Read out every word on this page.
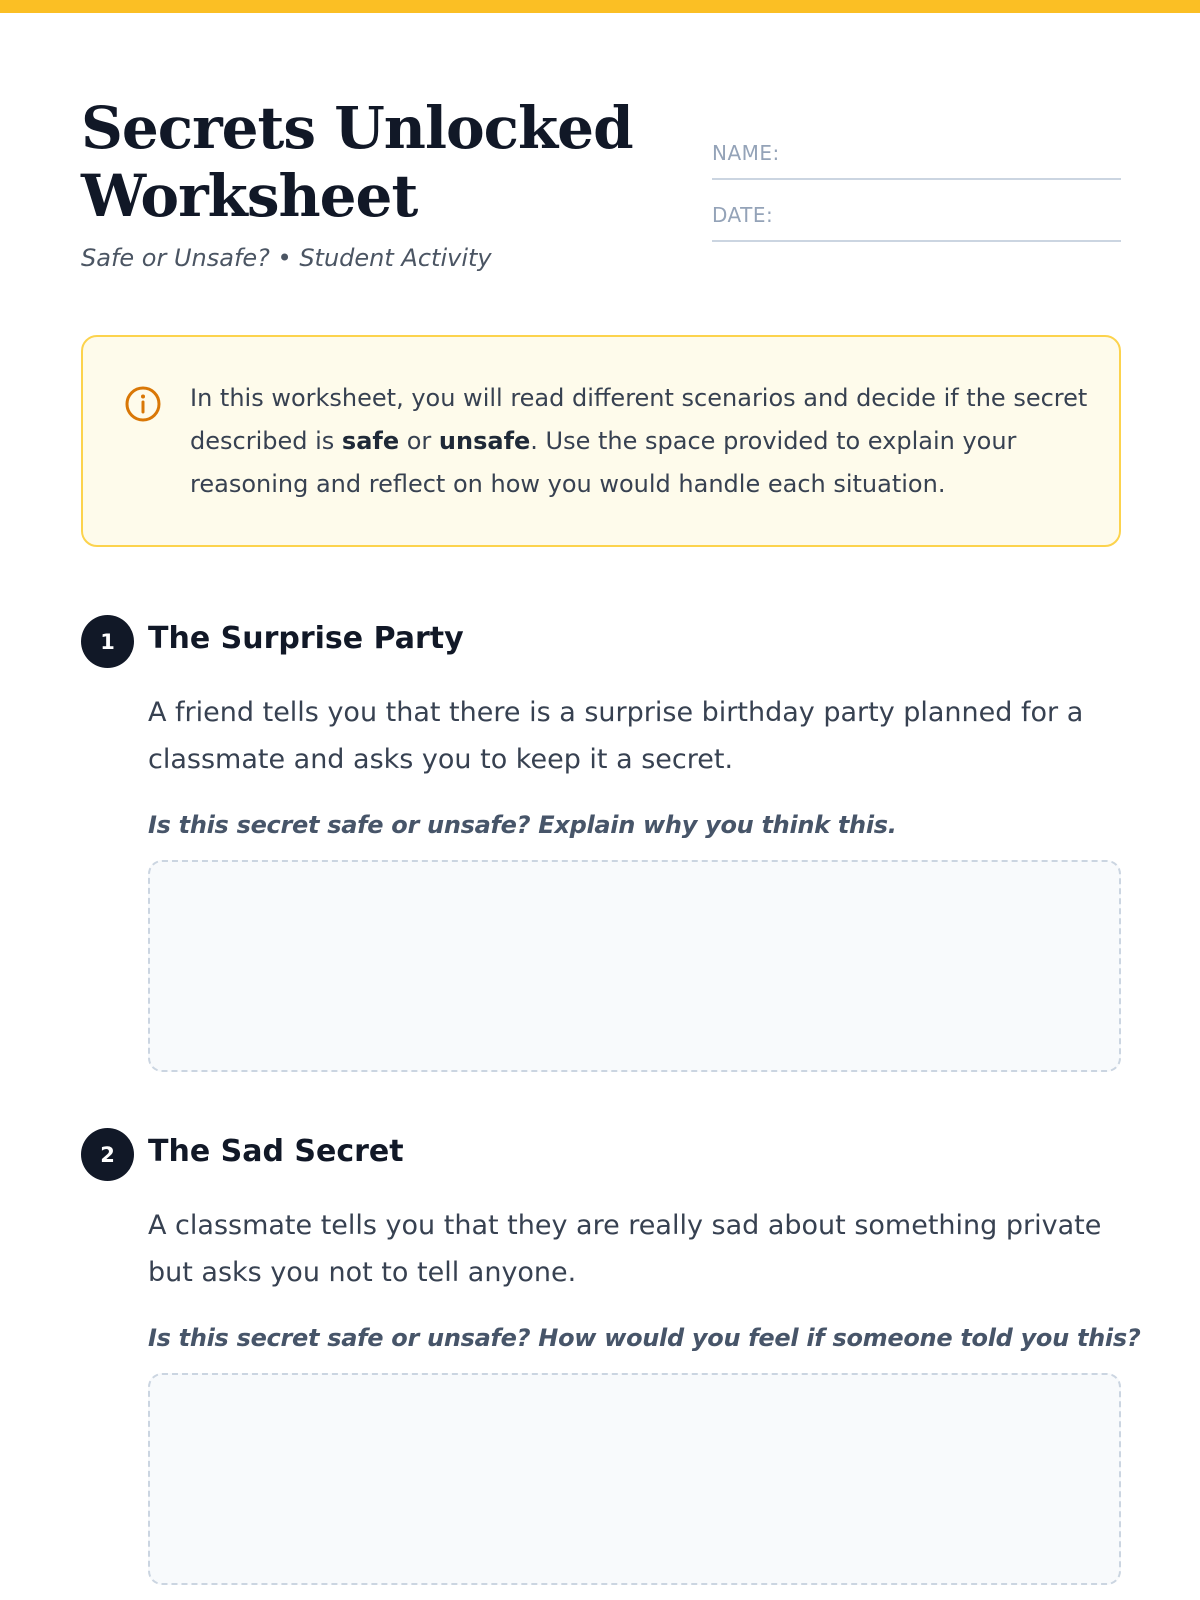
Secrets Unlocked Worksheet
Safe or Unsafe? • Student Activity
NAME:
DATE:

In this worksheet, you will read different scenarios and decide if the secret described is safe or unsafe. Use the space provided to explain your reasoning and reflect on how you would handle each situation.

1	The Surprise Party

A friend tells you that there is a surprise birthday party planned for a classmate and asks you to keep it a secret.

Is this secret safe or unsafe? Explain why you think this.

2	The Sad Secret

A classmate tells you that they are really sad about something private but asks you not to tell anyone.

Is this secret safe or unsafe? How would you feel if someone told you this?
